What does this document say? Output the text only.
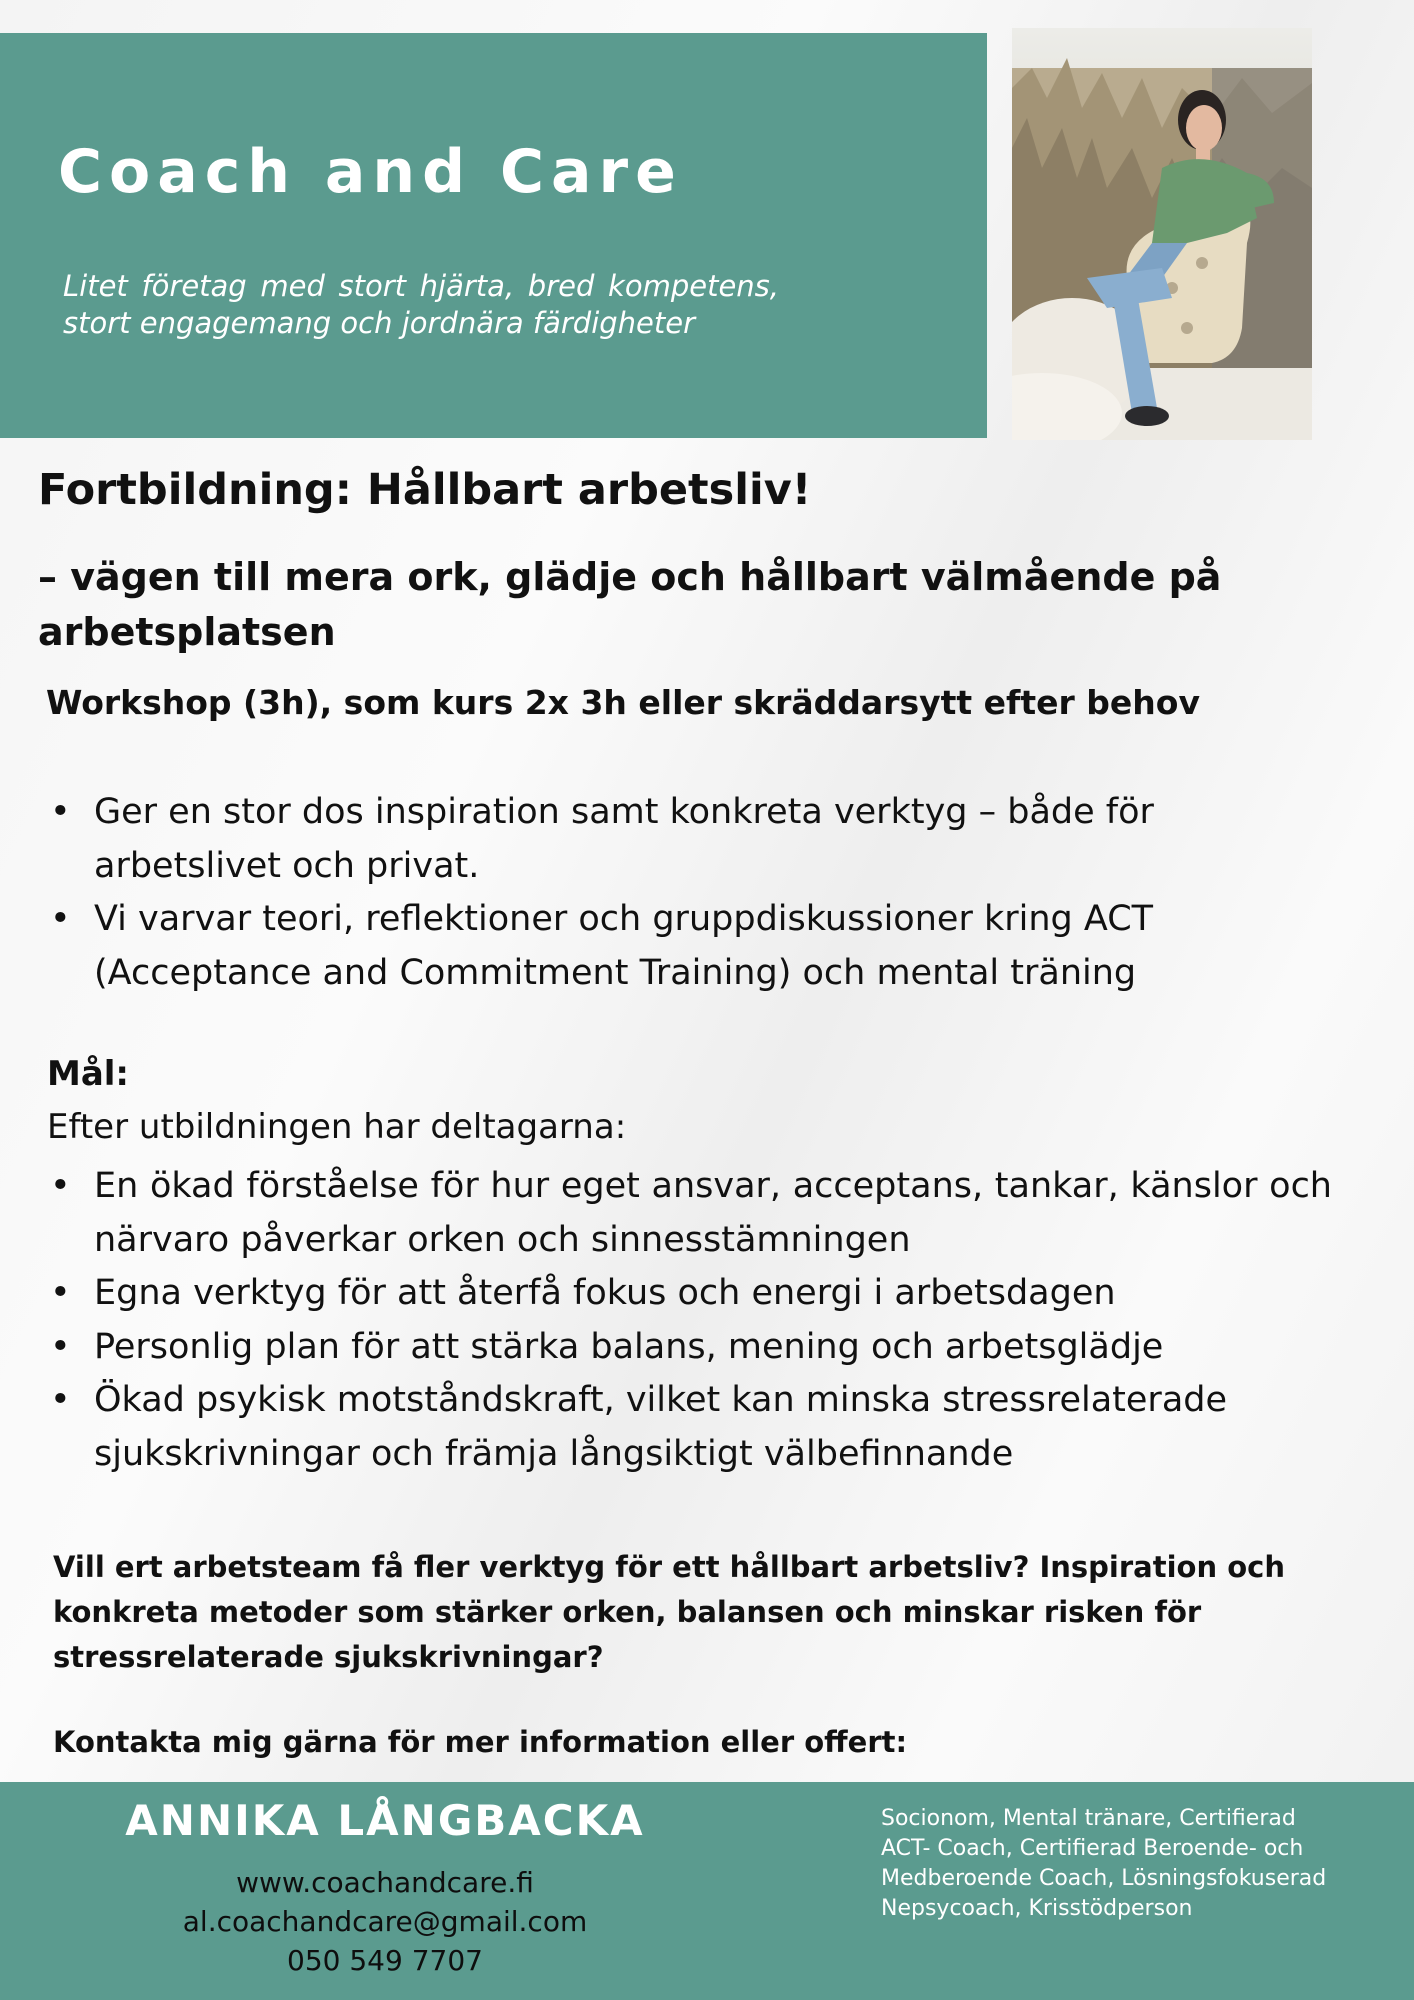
Coach and Care

Litet företag med stort hjärta, bred kompetens, stort engagemang och jordnära färdigheter

Fortbildning: Hållbart arbetsliv!
– vägen till mera ork, glädje och hållbart välmående på arbetsplatsen

Workshop (3h), som kurs 2x 3h eller skräddarsytt efter behov

• Ger en stor dos inspiration samt konkreta verktyg – både för arbetslivet och privat.
• Vi varvar teori, reflektioner och gruppdiskussioner kring ACT (Acceptance and Commitment Training) och mental träning

Mål:

Efter utbildningen har deltagarna:

• En ökad förståelse för hur eget ansvar, acceptans, tankar, känslor och närvaro påverkar orken och sinnesstämningen
• Egna verktyg för att återfå fokus och energi i arbetsdagen
• Personlig plan för att stärka balans, mening och arbetsglädje
• Ökad psykisk motståndskraft, vilket kan minska stressrelaterade sjukskrivningar och främja långsiktigt välbefinnande

Vill ert arbetsteam få fler verktyg för ett hållbart arbetsliv? Inspiration och konkreta metoder som stärker orken, balansen och minskar risken för stressrelaterade sjukskrivningar?

Kontakta mig gärna för mer information eller offert:

ANNIKA LÅNGBACKA

www.coachandcare.fi

al.coachandcare@gmail.com

050 549 7707

Socionom, Mental tränare, Certifierad ACT- Coach, Certifierad Beroende- och Medberoende Coach, Lösningsfokuserad Nepsycoach, Krisstödperson
